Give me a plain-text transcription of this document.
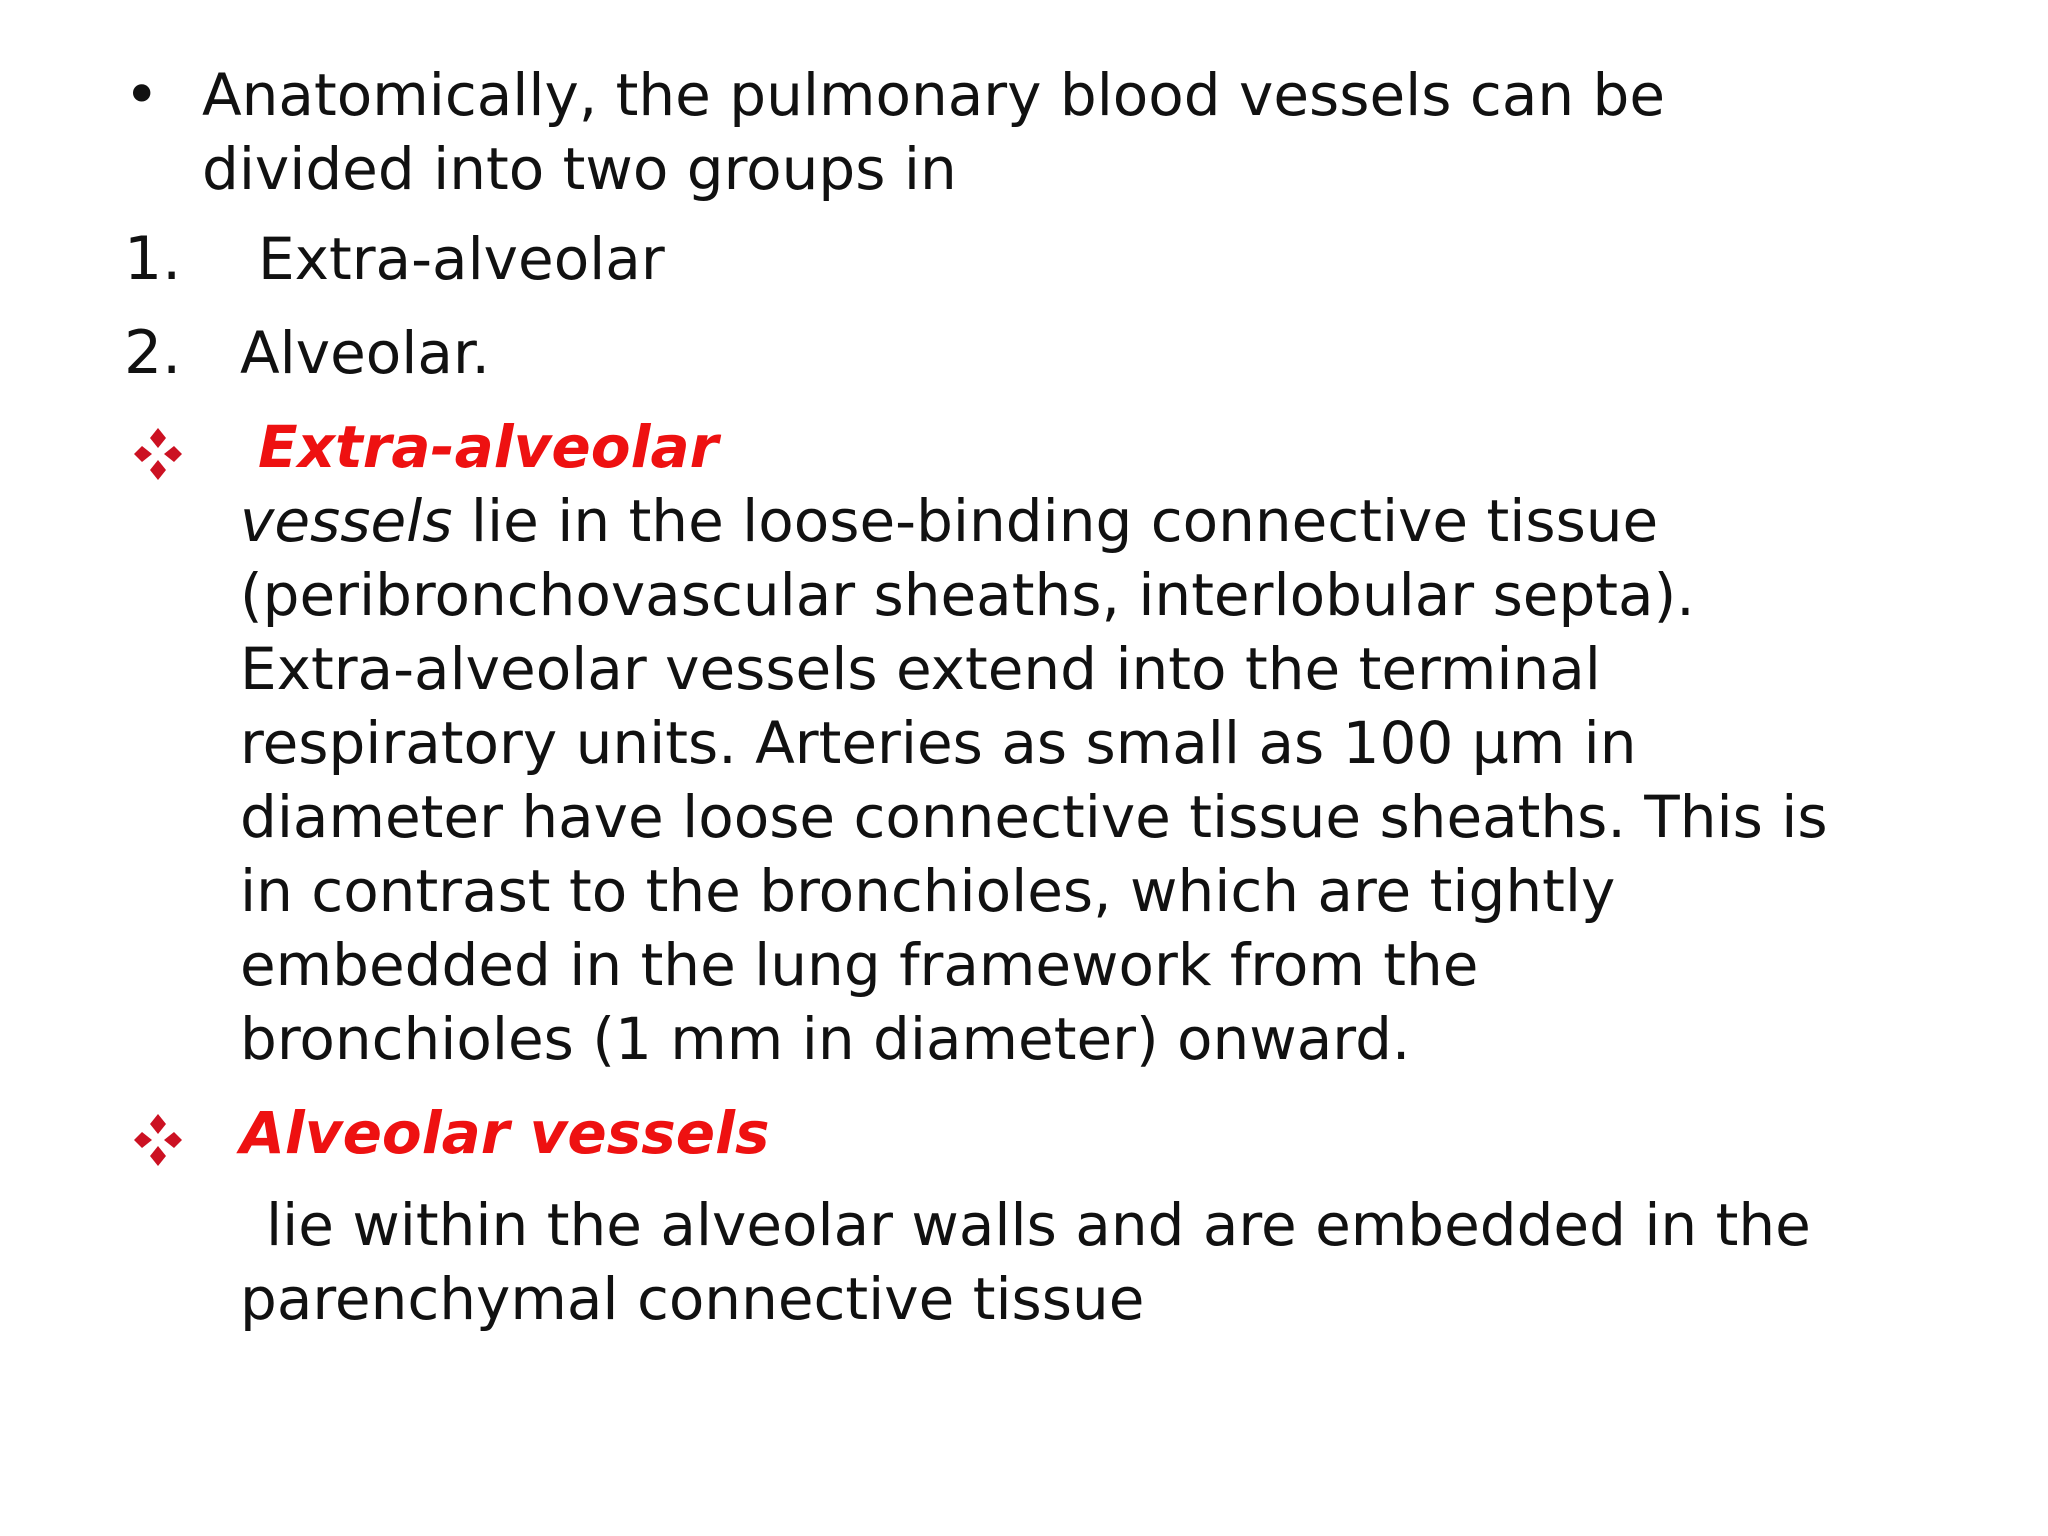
• Anatomically, the pulmonary blood vessels can be
divided into two groups in
1. Extra-alveolar
2. Alveolar.
Extra-alveolar
vessels lie in the loose-binding connective tissue
(peribronchovascular sheaths, interlobular septa).
Extra-alveolar vessels extend into the terminal
respiratory units. Arteries as small as 100 µm in
diameter have loose connective tissue sheaths. This is
in contrast to the bronchioles, which are tightly
embedded in the lung framework from the
bronchioles (1 mm in diameter) onward.
Alveolar vessels
lie within the alveolar walls and are embedded in the
parenchymal connective tissue
